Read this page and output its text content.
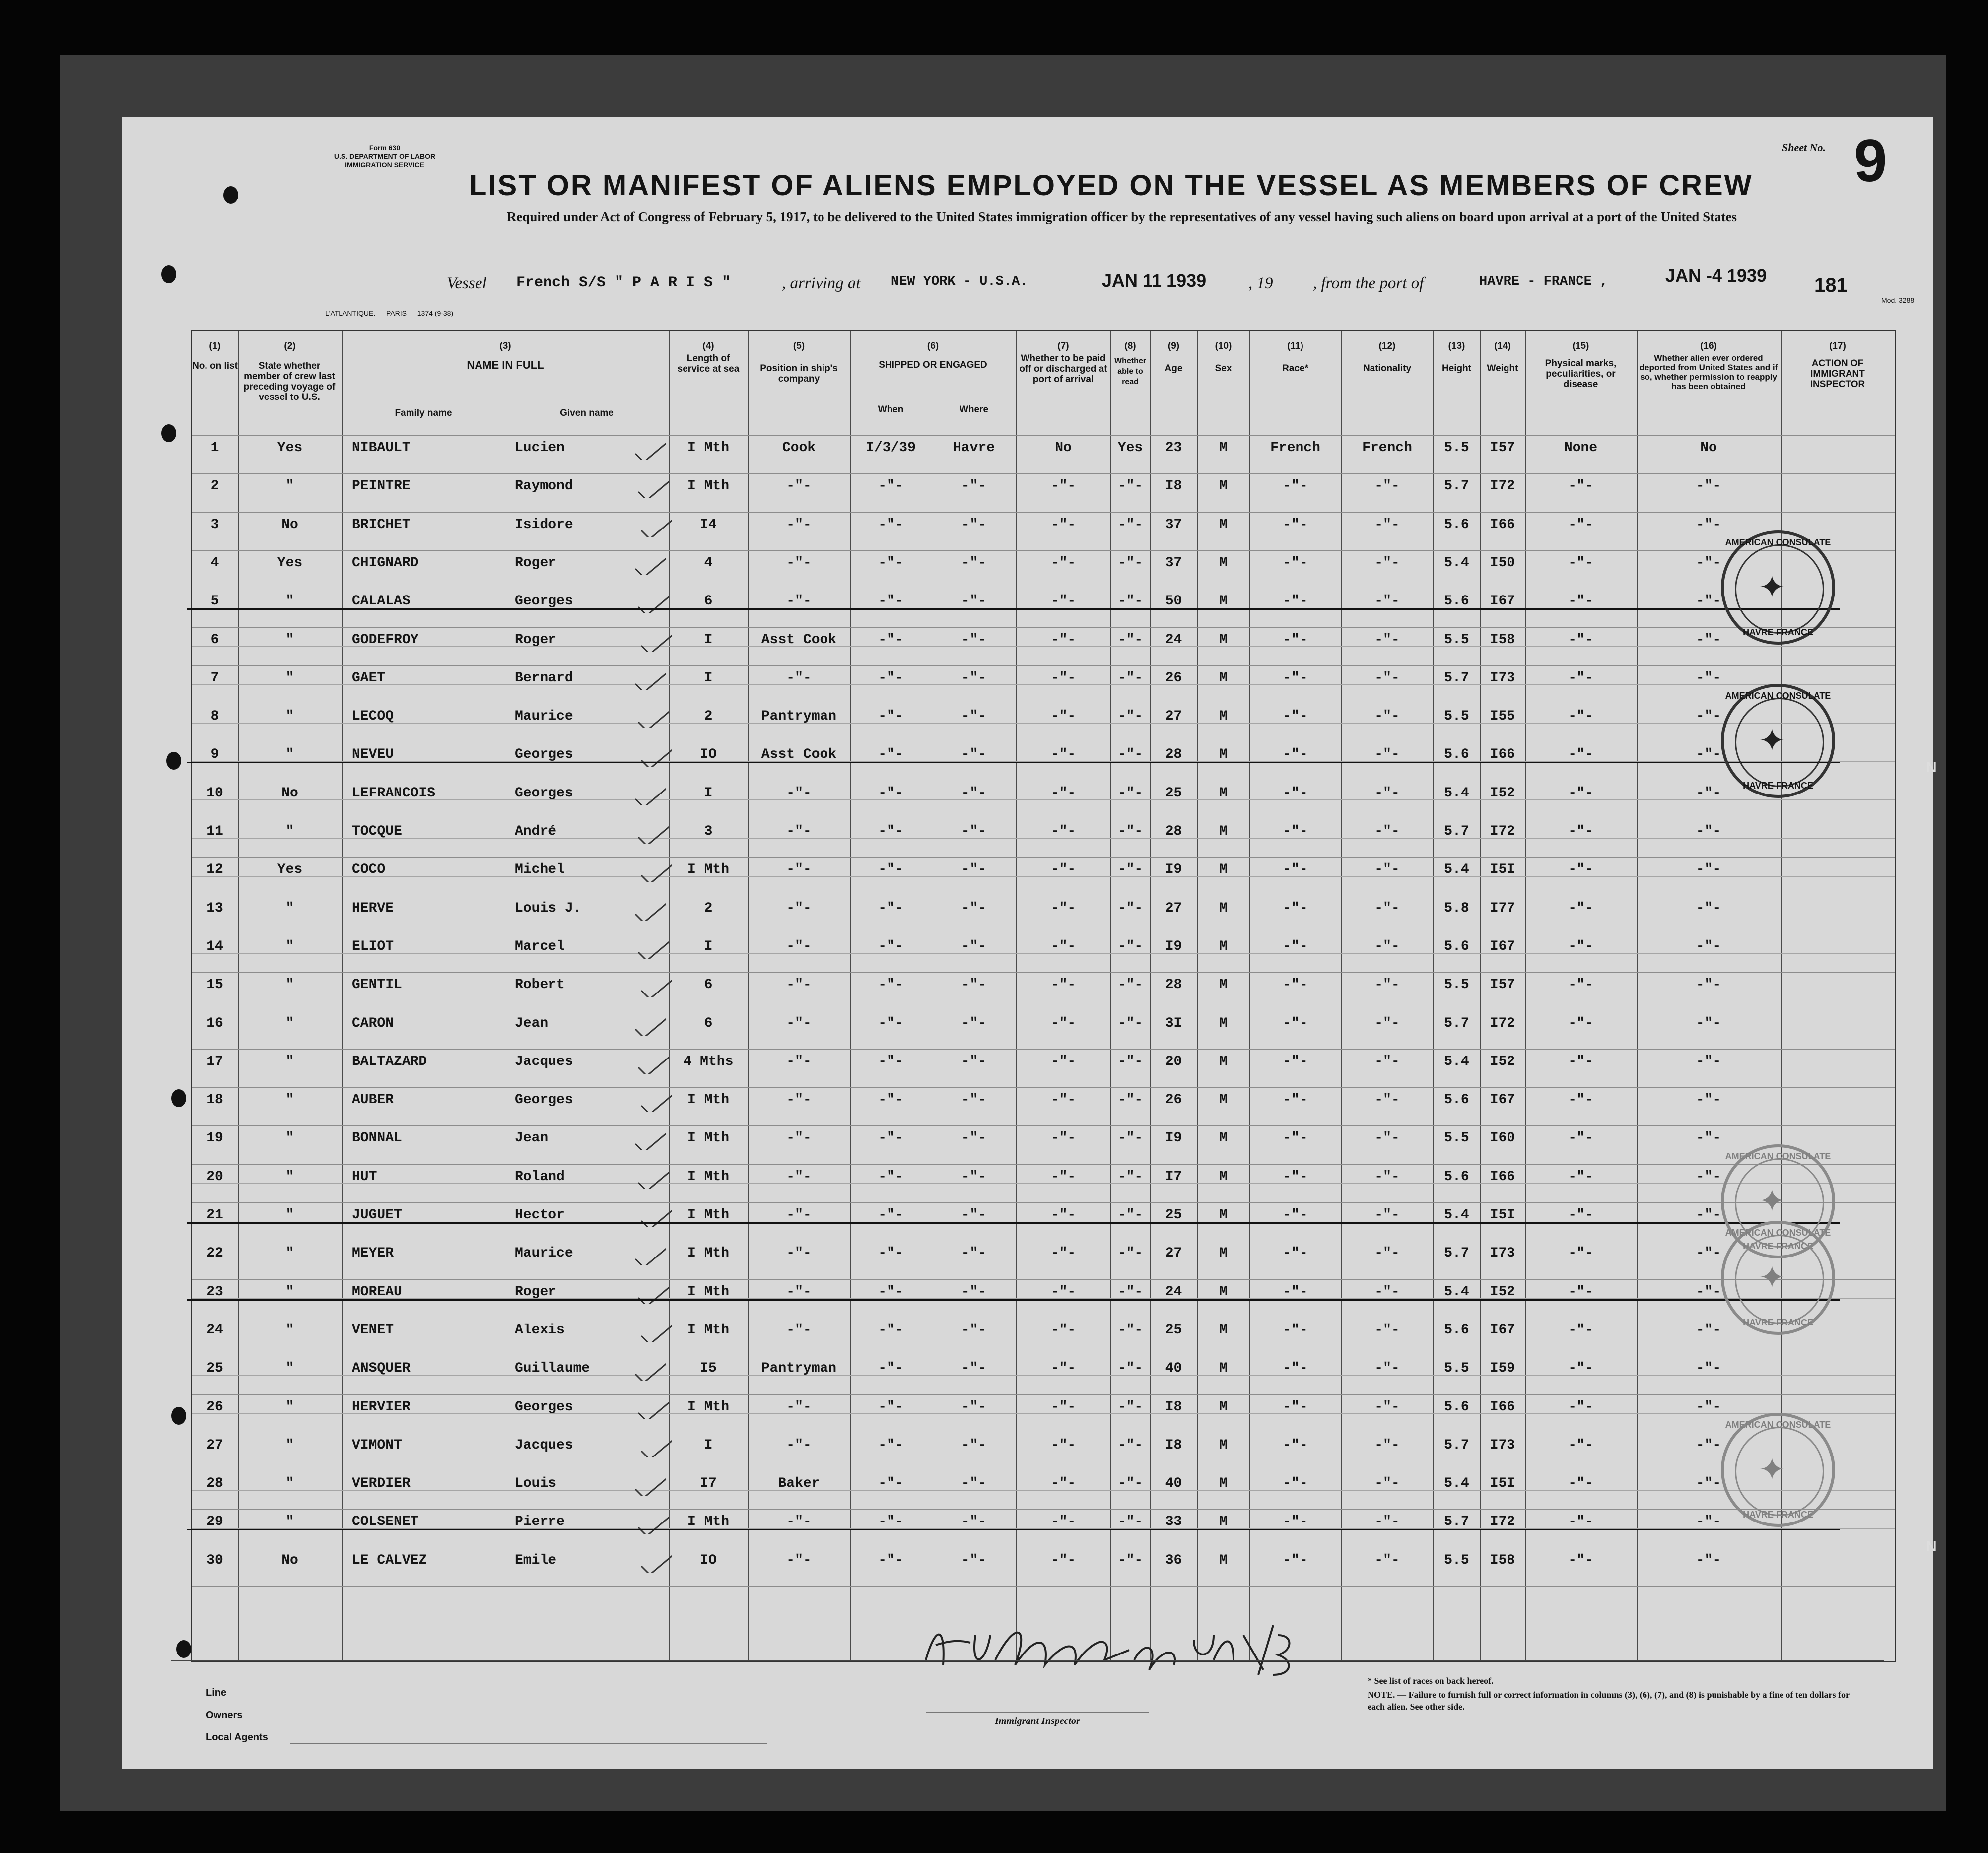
Form 630
U.S. DEPARTMENT OF LABOR
IMMIGRATION SERVICE
Sheet No. 9
LIST OR MANIFEST OF ALIENS EMPLOYED ON THE VESSEL AS MEMBERS OF CREW
Required under Act of Congress of February 5, 1917, to be delivered to the United States immigration officer by the representatives of any vessel having such aliens on board upon arrival at a port of the United States
Vessel French S/S " P A R I S "	, arriving at NEW YORK - U.S.A.	JAN 11 1939	, 19 , from the port of	HAVRE - FRANCE ,	JAN -4 1939 181
L'ATLANTIQUE. — PARIS — 1374 (9-38)
Mod. 3288
(1)
No. on list
(2)
State whether member of crew last preceding voyage of vessel to U.S.
(3)
NAME IN FULL
Family name	Given name
(4)
Length of service at sea
(5)
Position in ship's company
(6)
SHIPPED OR ENGAGED
When	Where
(7)
Whether to be paid off or discharged at port of arrival
(8)
Whether able to read
(9)
Age
(10)
Sex
(11)
Race*
(12)
Nationality
(13)
Height
(14)
Weight
(15)
Physical marks, peculiarities, or disease
(16)
Whether alien ever ordered deported from United States and if so, whether permission to reapply has been obtained
(17)
ACTION OF IMMIGRANT INSPECTOR
1	Yes	NIBAULT	Lucien	I Mth	Cook	I/3/39	Havre	No	Yes	23	M	French	French	5.5	I57	None	No
2	"	PEINTRE	Raymond	I Mth	-"-	-"-	-"-	-"-	-"-	I8	M	-"-	-"-	5.7	I72	-"-	-"-
3	No	BRICHET	Isidore	I4	-"-	-"-	-"-	-"-	-"-	37	M	-"-	-"-	5.6	I66	-"-	-"-
4	Yes	CHIGNARD	Roger	4	-"-	-"-	-"-	-"-	-"-	37	M	-"-	-"-	5.4	I50	-"-	-"-
5	"	CALALAS	Georges	6	-"-	-"-	-"-	-"-	-"-	50	M	-"-	-"-	5.6	I67	-"-	-"-
6	"	GODEFROY	Roger	I	Asst Cook	-"-	-"-	-"-	-"-	24	M	-"-	-"-	5.5	I58	-"-	-"-
7	"	GAET	Bernard	I	-"-	-"-	-"-	-"-	-"-	26	M	-"-	-"-	5.7	I73	-"-	-"-
8	"	LECOQ	Maurice	2	Pantryman	-"-	-"-	-"-	-"-	27	M	-"-	-"-	5.5	I55	-"-	-"-
9	"	NEVEU	Georges	IO	Asst Cook	-"-	-"-	-"-	-"-	28	M	-"-	-"-	5.6	I66	-"-	-"-
10	No	LEFRANCOIS	Georges	I	-"-	-"-	-"-	-"-	-"-	25	M	-"-	-"-	5.4	I52	-"-	-"-
11	"	TOCQUE	André	3	-"-	-"-	-"-	-"-	-"-	28	M	-"-	-"-	5.7	I72	-"-	-"-
12	Yes	COCO	Michel	I Mth	-"-	-"-	-"-	-"-	-"-	I9	M	-"-	-"-	5.4	I5I	-"-	-"-
13	"	HERVE	Louis J.	2	-"-	-"-	-"-	-"-	-"-	27	M	-"-	-"-	5.8	I77	-"-	-"-
14	"	ELIOT	Marcel	I	-"-	-"-	-"-	-"-	-"-	I9	M	-"-	-"-	5.6	I67	-"-	-"-
15	"	GENTIL	Robert	6	-"-	-"-	-"-	-"-	-"-	28	M	-"-	-"-	5.5	I57	-"-	-"-
16	"	CARON	Jean	6	-"-	-"-	-"-	-"-	-"-	3I	M	-"-	-"-	5.7	I72	-"-	-"-
17	"	BALTAZARD	Jacques	4 Mths	-"-	-"-	-"-	-"-	-"-	20	M	-"-	-"-	5.4	I52	-"-	-"-
18	"	AUBER	Georges	I Mth	-"-	-"-	-"-	-"-	-"-	26	M	-"-	-"-	5.6	I67	-"-	-"-
19	"	BONNAL	Jean	I Mth	-"-	-"-	-"-	-"-	-"-	I9	M	-"-	-"-	5.5	I60	-"-	-"-
20	"	HUT	Roland	I Mth	-"-	-"-	-"-	-"-	-"-	I7	M	-"-	-"-	5.6	I66	-"-	-"-
21	"	JUGUET	Hector	I Mth	-"-	-"-	-"-	-"-	-"-	25	M	-"-	-"-	5.4	I5I	-"-	-"-
22	"	MEYER	Maurice	I Mth	-"-	-"-	-"-	-"-	-"-	27	M	-"-	-"-	5.7	I73	-"-	-"-
23	"	MOREAU	Roger	I Mth	-"-	-"-	-"-	-"-	-"-	24	M	-"-	-"-	5.4	I52	-"-	-"-
24	"	VENET	Alexis	I Mth	-"-	-"-	-"-	-"-	-"-	25	M	-"-	-"-	5.6	I67	-"-	-"-
25	"	ANSQUER	Guillaume	I5	Pantryman	-"-	-"-	-"-	-"-	40	M	-"-	-"-	5.5	I59	-"-	-"-
26	"	HERVIER	Georges	I Mth	-"-	-"-	-"-	-"-	-"-	I8	M	-"-	-"-	5.6	I66	-"-	-"-
27	"	VIMONT	Jacques	I	-"-	-"-	-"-	-"-	-"-	I8	M	-"-	-"-	5.7	I73	-"-	-"-
28	"	VERDIER	Louis	I7	Baker	-"-	-"-	-"-	-"-	40	M	-"-	-"-	5.4	I5I	-"-	-"-
29	"	COLSENET	Pierre	I Mth	-"-	-"-	-"-	-"-	-"-	33	M	-"-	-"-	5.7	I72	-"-	-"-
30	No	LE CALVEZ	Emile	IO	-"-	-"-	-"-	-"-	-"-	36	M	-"-	-"-	5.5	I58	-"-	-"-
AMERICAN CONSULATE
HAVRE FRANCE
✦
AMERICAN CONSULATE
HAVRE FRANCE
✦
AMERICAN CONSULATE
HAVRE FRANCE
✦
AMERICAN CONSULATE
HAVRE FRANCE
✦
AMERICAN CONSULATE
HAVRE FRANCE
✦
Line
Owners
Local Agents
Immigrant Inspector
* See list of races on back hereof.
NOTE. — Failure to furnish full or correct information in columns (3), (6), (7), and (8) is punishable by a fine of ten dollars for each alien. See other side.
N
N
